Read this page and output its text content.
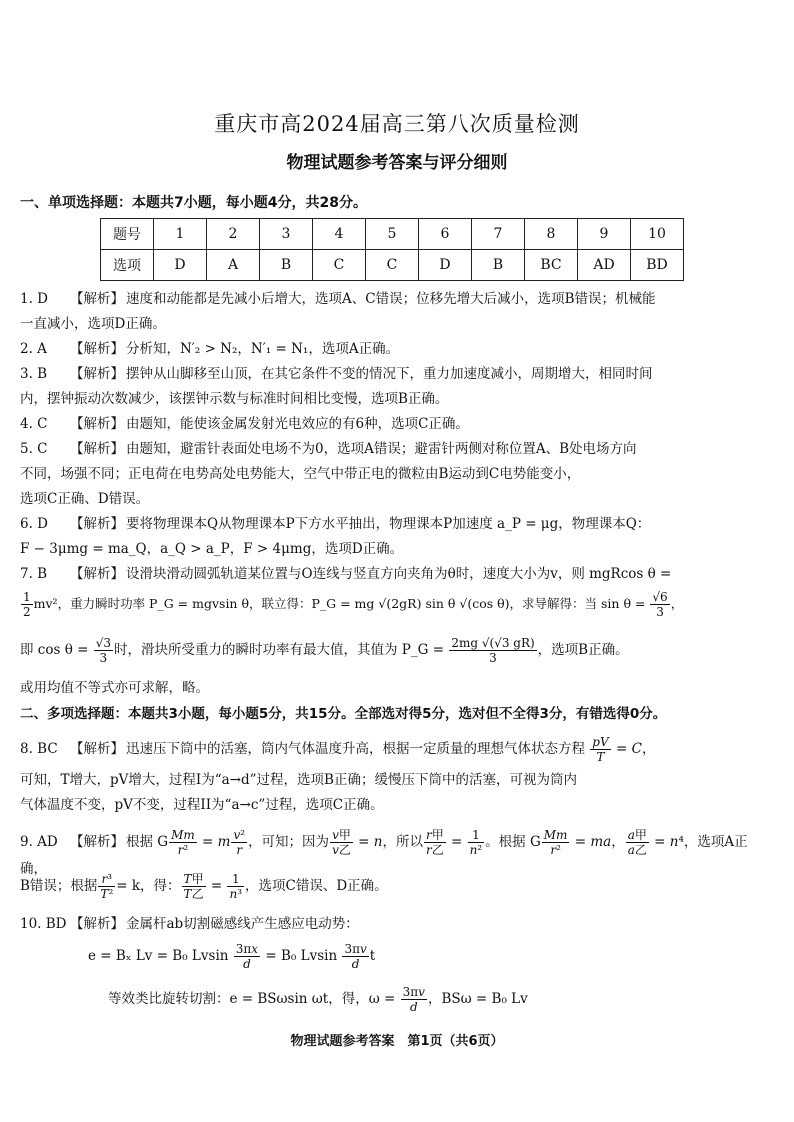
重庆市高2024届高三第八次质量检测
物理试题参考答案与评分细则
一、单项选择题：本题共7小题，每小题4分，共28分。
题号	1	2	3	4	5	6	7	8	9	10
选项	D	A	B	C	C	D	B	BC	AD	BD
1. D 【解析】 速度和动能都是先减小后增大，选项A、C错误；位移先增大后减小，选项B错误；机械能
一直减小，选项D正确。
2. A 【解析】 分析知，N′₂ > N₂，N′₁ = N₁，选项A正确。
3. B 【解析】 摆钟从山脚移至山顶，在其它条件不变的情况下，重力加速度减小，周期增大，相同时间
内，摆钟振动次数减少，该摆钟示数与标准时间相比变慢，选项B正确。
4. C 【解析】 由题知，能使该金属发射光电效应的有6种，选项C正确。
5. C 【解析】 由题知，避雷针表面处电场不为0，选项A错误；避雷针两侧对称位置A、B处电场方向
不同，场强不同；正电荷在电势高处电势能大，空气中带正电的微粒由B运动到C电势能变小，
选项C正确、D错误。
6. D 【解析】 要将物理课本Q从物理课本P下方水平抽出，物理课本P加速度 a_P = μg，物理课本Q：
F − 3μmg = ma_Q，a_Q > a_P，F > 4μmg，选项D正确。
7. B 【解析】 设滑块滑动圆弧轨道某位置与O连线与竖直方向夹角为θ时，速度大小为v，则 mgRcos θ =
$\frac{1}{2} mv^2$，重力瞬时功率 P_G = mgvsin θ，联立得：P_G = mg √(2gR) sin θ √(cos θ)，求导解得：当 $\sin \theta = \frac{√6}{3}$ ，
即 $\cos \theta = \frac{√3}{3}$ 时，滑块所受重力的瞬时功率有最大值，其值为 P_G = $\frac{2mg √(√3 gR)}{3}$ ，选项B正确。
或用均值不等式亦可求解，略。
二、多项选择题：本题共3小题，每小题5分，共15分。全部选对得5分，选对但不全得3分，有错选得0分。
8. BC 【解析】 迅速压下筒中的活塞，筒内气体温度升高，根据一定质量的理想气体状态方程 $\frac{pV}{T} = C$，
可知，T增大，pV增大，过程I为“a→d”过程，选项B正确；缓慢压下筒中的活塞，可视为筒内
气体温度不变，pV不变，过程II为“a→c”过程，选项C正确。
9. AD 【解析】 根据 G $\frac{Mm}{\text{r²}} = m \frac{\text{v²}}{r}$ ，可知；因为 $\frac{\text{v甲}}{\text{v乙}} = n$，所以 $\frac{\text{r甲}}{\text{r乙}} = \frac{1}{\text{n²}}$ 。根据 G $\frac{Mm}{\text{r²}}$ = ma， $\frac{\text{a甲}}{\text{a乙}} = n^4$，选项A正确，
B错误；根据 $\frac{\text{r³}}{\text{T²}} = k$，得： $\frac{\text{T甲}}{\text{T乙}} = \frac{1}{\text{n³}}$ ，选项C错误、D正确。
10. BD 【解析】 金属杆ab切割磁感线产生感应电动势：
e = Bₓ Lv = B₀ Lvsin $\frac{3\pi x}{d} = B_0$ Lvsin $\frac{3\pi v}{d}$ t
等效类比旋转切割：e = BSωsin ωt，得，$\omega = \frac{3\pi v}{d}$ ，BSω = B₀ Lv
物理试题参考答案　第1页（共6页）
